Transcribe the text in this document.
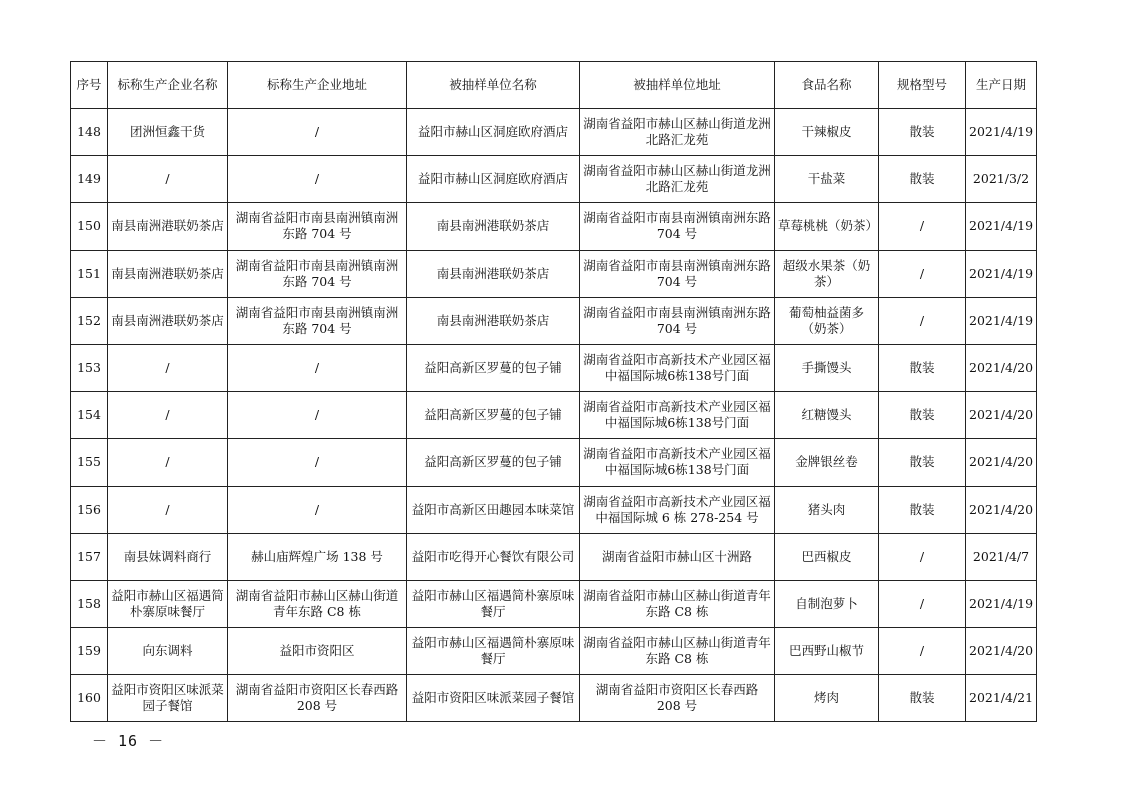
序号	标称生产企业名称	标称生产企业地址	被抽样单位名称	被抽样单位地址	食品名称	规格型号	生产日期
148	团洲恒鑫干货	/	益阳市赫山区洞庭欧府酒店	湖南省益阳市赫山区赫山街道龙洲北路汇龙苑	干辣椒皮	散装	2021/4/19
149	/	/	益阳市赫山区洞庭欧府酒店	湖南省益阳市赫山区赫山街道龙洲北路汇龙苑	干盐菜	散装	2021/3/2
150	南县南洲港联奶茶店	湖南省益阳市南县南洲镇南洲东路 704 号	南县南洲港联奶茶店	湖南省益阳市南县南洲镇南洲东路 704 号	草莓桃桃（奶茶）	/	2021/4/19
151	南县南洲港联奶茶店	湖南省益阳市南县南洲镇南洲东路 704 号	南县南洲港联奶茶店	湖南省益阳市南县南洲镇南洲东路 704 号	超级水果茶（奶茶）	/	2021/4/19
152	南县南洲港联奶茶店	湖南省益阳市南县南洲镇南洲东路 704 号	南县南洲港联奶茶店	湖南省益阳市南县南洲镇南洲东路 704 号	葡萄柚益菌多（奶茶）	/	2021/4/19
153	/	/	益阳高新区罗蔓的包子铺	湖南省益阳市高新技术产业园区福中福国际城6栋138号门面	手撕馒头	散装	2021/4/20
154	/	/	益阳高新区罗蔓的包子铺	湖南省益阳市高新技术产业园区福中福国际城6栋138号门面	红糖馒头	散装	2021/4/20
155	/	/	益阳高新区罗蔓的包子铺	湖南省益阳市高新技术产业园区福中福国际城6栋138号门面	金牌银丝卷	散装	2021/4/20
156	/	/	益阳市高新区田趣园本味菜馆	湖南省益阳市高新技术产业园区福中福国际城 6 栋 278-254 号	猪头肉	散装	2021/4/20
157	南县妹调料商行	赫山庙辉煌广场 138 号	益阳市吃得开心餐饮有限公司	湖南省益阳市赫山区十洲路	巴西椒皮	/	2021/4/7
158	益阳市赫山区福遇简朴寨原味餐厅	湖南省益阳市赫山区赫山街道青年东路 C8 栋	益阳市赫山区福遇简朴寨原味餐厅	湖南省益阳市赫山区赫山街道青年东路 C8 栋	自制泡萝卜	/	2021/4/19
159	向东调料	益阳市资阳区	益阳市赫山区福遇简朴寨原味餐厅	湖南省益阳市赫山区赫山街道青年东路 C8 栋	巴西野山椒节	/	2021/4/20
160	益阳市资阳区味派菜园子餐馆	湖南省益阳市资阳区长春西路 208 号	益阳市资阳区味派菜园子餐馆	湖南省益阳市资阳区长春西路 208 号	烤肉	散装	2021/4/21
－ 16 －
